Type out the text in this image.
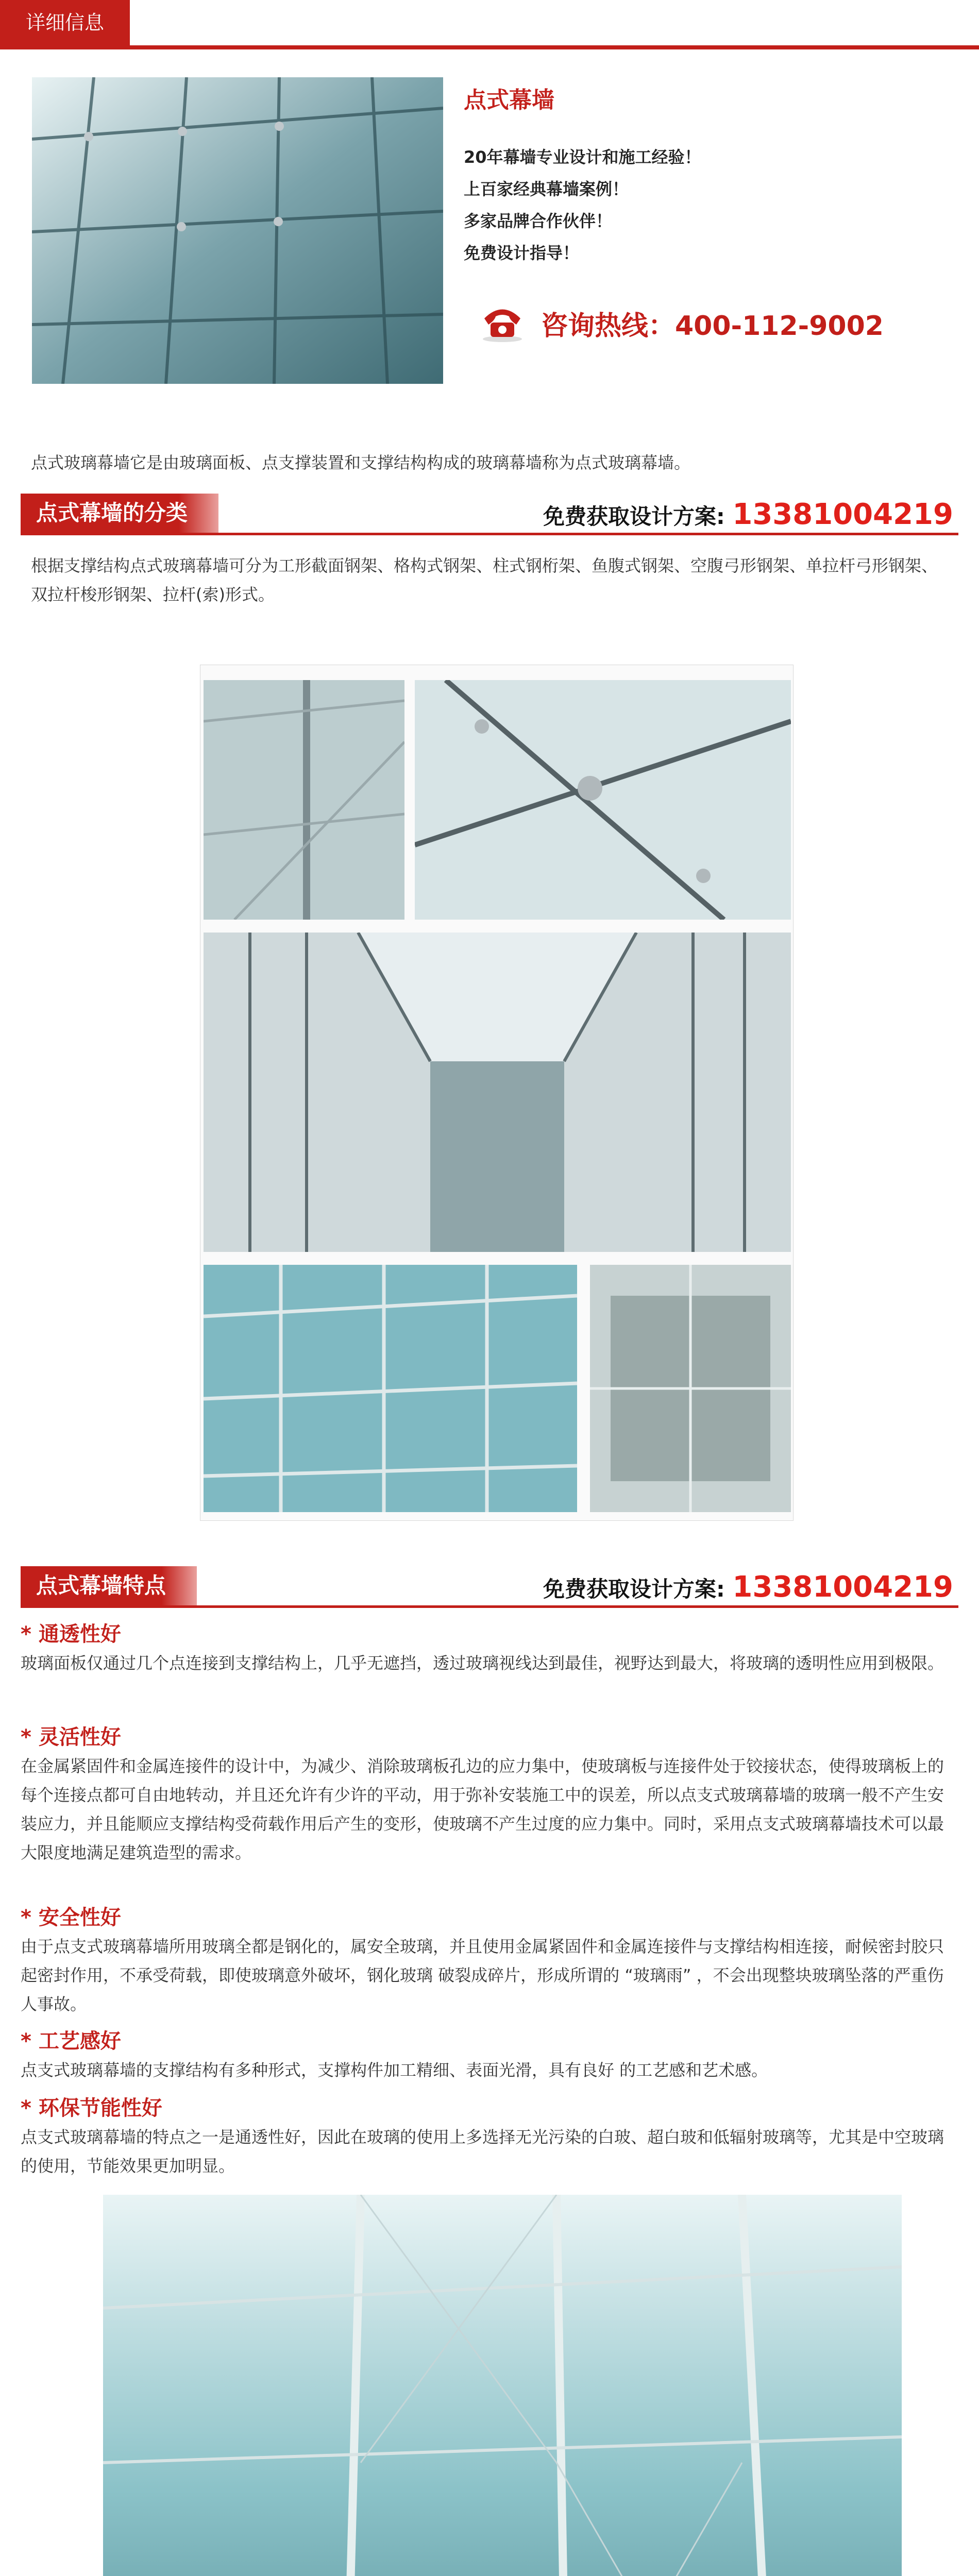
详细信息
点式幕墙
20年幕墙专业设计和施工经验！
上百家经典幕墙案例！
多家品牌合作伙伴！
免费设计指导！
咨询热线：400-112-9002
点式玻璃幕墙它是由玻璃面板、点支撑装置和支撑结构构成的玻璃幕墙称为点式玻璃幕墙。
点式幕墙的分类	免费获取设计方案: 13381004219
根据支撑结构点式玻璃幕墙可分为工形截面钢架、格构式钢架、柱式钢桁架、鱼腹式钢架、空腹弓形钢架、单拉杆弓形钢架、双拉杆梭形钢架、拉杆(索)形式。
点式幕墙特点	免费获取设计方案: 13381004219
* 通透性好
玻璃面板仅通过几个点连接到支撑结构上，几乎无遮挡，透过玻璃视线达到最佳，视野达到最大，将玻璃的透明性应用到极限。
* 灵活性好
在金属紧固件和金属连接件的设计中，为减少、消除玻璃板孔边的应力集中，使玻璃板与连接件处于铰接状态，使得玻璃板上的每个连接点都可自由地转动，并且还允许有少许的平动，用于弥补安装施工中的误差，所以点支式玻璃幕墙的玻璃一般不产生安装应力，并且能顺应支撑结构受荷载作用后产生的变形，使玻璃不产生过度的应力集中。同时，采用点支式玻璃幕墙技术可以最大限度地满足建筑造型的需求。
* 安全性好
由于点支式玻璃幕墙所用玻璃全都是钢化的，属安全玻璃，并且使用金属紧固件和金属连接件与支撑结构相连接，耐候密封胶只起密封作用，不承受荷载，即使玻璃意外破坏，钢化玻璃 破裂成碎片，形成所谓的 “玻璃雨” ，不会出现整块玻璃坠落的严重伤人事故。
* 工艺感好
点支式玻璃幕墙的支撑结构有多种形式，支撑构件加工精细、表面光滑，具有良好 的工艺感和艺术感。
* 环保节能性好
点支式玻璃幕墙的特点之一是通透性好，因此在玻璃的使用上多选择无光污染的白玻、超白玻和低辐射玻璃等，尤其是中空玻璃的使用，节能效果更加明显。
